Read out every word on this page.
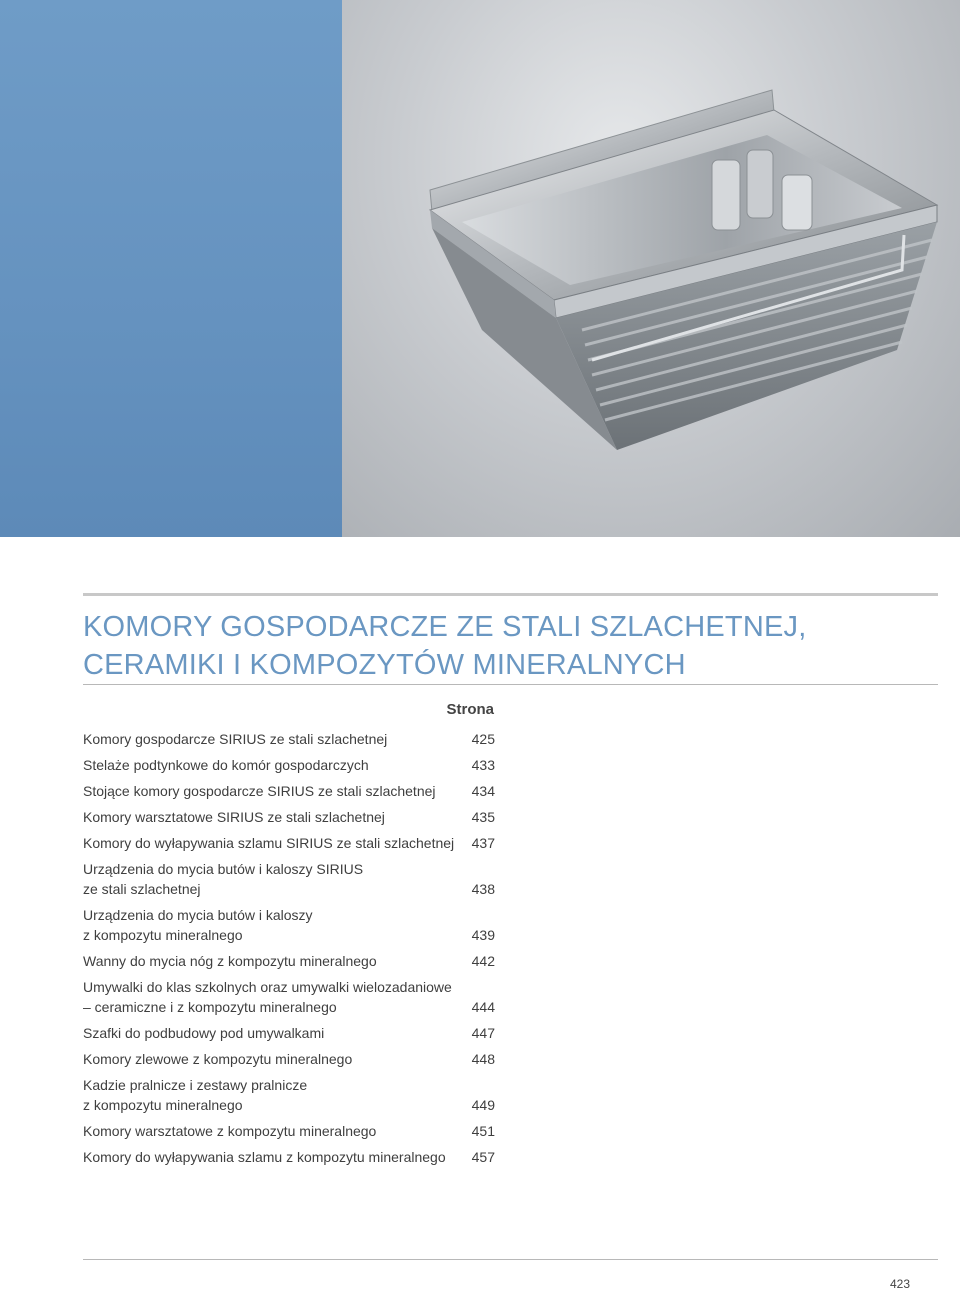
KOMORY GOSPODARCZE ZE STALI SZLACHETNEJ,
CERAMIKI I KOMPOZYTÓW MINERALNYCH
Strona
Komory gospodarcze SIRIUS ze stali szlachetnej	425
Stelaże podtynkowe do komór gospodarczych	433
Stojące komory gospodarcze SIRIUS ze stali szlachetnej	434
Komory warsztatowe SIRIUS ze stali szlachetnej	435
Komory do wyłapywania szlamu SIRIUS ze stali szlachetnej	437
Urządzenia do mycia butów i kaloszy SIRIUS
ze stali szlachetnej	438
Urządzenia do mycia butów i kaloszy
z kompozytu mineralnego	439
Wanny do mycia nóg z kompozytu mineralnego	442
Umywalki do klas szkolnych oraz umywalki wielozadaniowe
– ceramiczne i z kompozytu mineralnego	444
Szafki do podbudowy pod umywalkami	447
Komory zlewowe z kompozytu mineralnego	448
Kadzie pralnicze i zestawy pralnicze
z kompozytu mineralnego	449
Komory warsztatowe z kompozytu mineralnego	451
Komory do wyłapywania szlamu z kompozytu mineralnego	457
423
